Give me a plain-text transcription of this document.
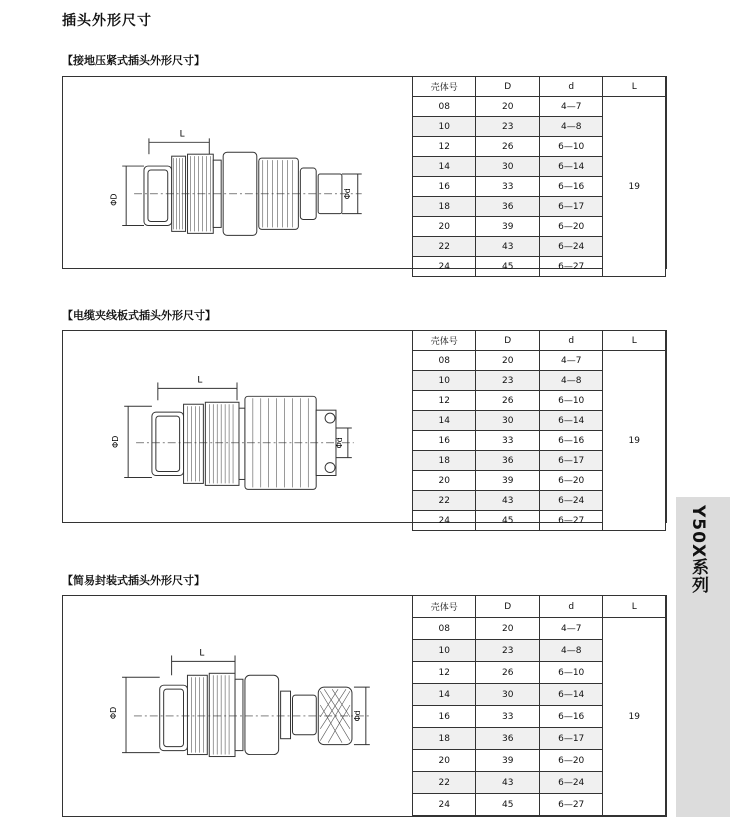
插头外形尺寸
【接地压紧式插头外形尺寸】
L
ΦD	Φd
壳体号	D	d	L
08	20	4—7	19
10	23	4—8	
12	26	6—10	
14	30	6—14	
16	33	6—16	
18	36	6—17	
20	39	6—20	
22	43	6—24	
24	45	6—27	
【电缆夹线板式插头外形尺寸】
L
ΦD	Φd
壳体号	D	d	L
08	20	4—7	19
10	23	4—8	
12	26	6—10	
14	30	6—14	
16	33	6—16	
18	36	6—17	
20	39	6—20	
22	43	6—24	
24	45	6—27	
【简易封装式插头外形尺寸】
L
ΦD	Φd
壳体号	D	d	L
08	20	4—7	19
10	23	4—8	
12	26	6—10	
14	30	6—14	
16	33	6—16	
18	36	6—17	
20	39	6—20	
22	43	6—24	
24	45	6—27	
Y50X系列
